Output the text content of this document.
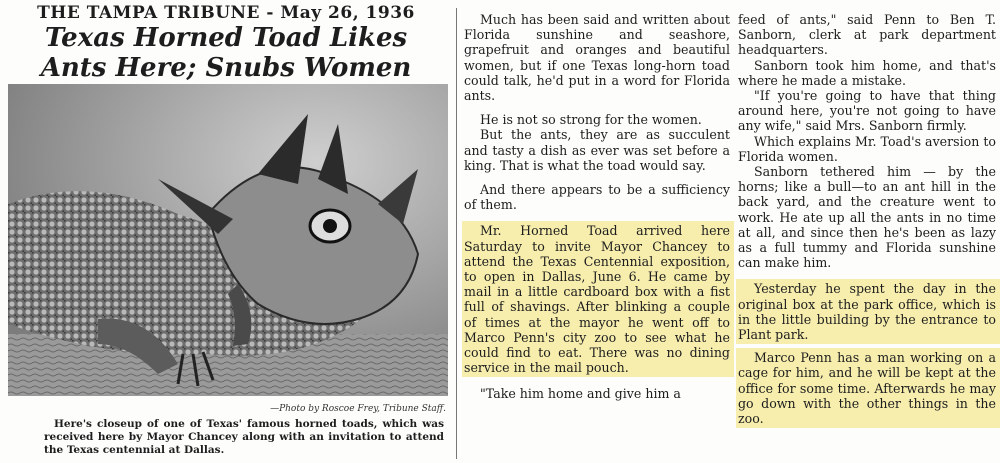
THE TAMPA TRIBUNE - May 26, 1936
Texas Horned Toad Likes
Ants Here; Snubs Women
—Photo by Roscoe Frey, Tribune Staff.
Here's closeup of one of Texas' famous horned toads, which was received here by Mayor Chancey along with an invitation to attend the Texas centennial at Dallas.

Much has been said and written about Florida sunshine and seashore, grapefruit and oranges and beautiful women, but if one Texas long-horn toad could talk, he'd put in a word for Florida ants.

He is not so strong for the women.

But the ants, they are as succulent and tasty a dish as ever was set before a king. That is what the toad would say.

And there appears to be a sufficiency of them.

Mr. Horned Toad arrived here Saturday to invite Mayor Chancey to attend the Texas Centennial exposition, to open in Dallas, June 6. He came by mail in a little cardboard box with a fist full of shavings. After blinking a couple of times at the mayor he went off to Marco Penn's city zoo to see what he could find to eat. There was no dining service in the mail pouch.

"Take him home and give him a

feed of ants," said Penn to Ben T. Sanborn, clerk at park department headquarters.

Sanborn took him home, and that's where he made a mistake.

"If you're going to have that thing around here, you're not going to have any wife," said Mrs. Sanborn firmly.

Which explains Mr. Toad's aversion to Florida women.

Sanborn tethered him — by the horns; like a bull—to an ant hill in the back yard, and the creature went to work. He ate up all the ants in no time at all, and since then he's been as lazy as a full tummy and Florida sunshine can make him.

Yesterday he spent the day in the original box at the park office, which is in the little building by the entrance to Plant park.

Marco Penn has a man working on a cage for him, and he will be kept at the office for some time. Afterwards he may go down with the other things in the zoo.
